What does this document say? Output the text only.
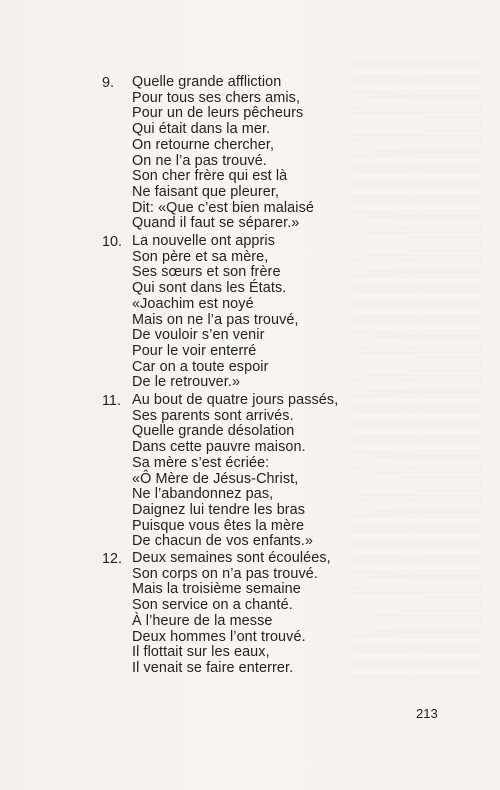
9.	Quelle grande affliction
Pour tous ses chers amis,
Pour un de leurs pêcheurs
Qui était dans la mer.
On retourne chercher,
On ne l’a pas trouvé.
Son cher frère qui est là
Ne faisant que pleurer,
Dit: «Que c’est bien malaisé
Quand il faut se séparer.»
10. La nouvelle ont appris
Son père et sa mère,
Ses sœurs et son frère
Qui sont dans les États.
«Joachim est noyé
Mais on ne l’a pas trouvé,
De vouloir s’en venir
Pour le voir enterré
Car on a toute espoir
De le retrouver.»
11. Au bout de quatre jours passés,
Ses parents sont arrivés.
Quelle grande désolation
Dans cette pauvre maison.
Sa mère s’est écriée:
«Ô Mère de Jésus-Christ,
Ne l’abandonnez pas,
Daignez lui tendre les bras
Puisque vous êtes la mère
De chacun de vos enfants.»
12. Deux semaines sont écoulées,
Son corps on n’a pas trouvé.
Mais la troisième semaine
Son service on a chanté.
À l’heure de la messe
Deux hommes l’ont trouvé.
Il flottait sur les eaux,
Il venait se faire enterrer.
213
